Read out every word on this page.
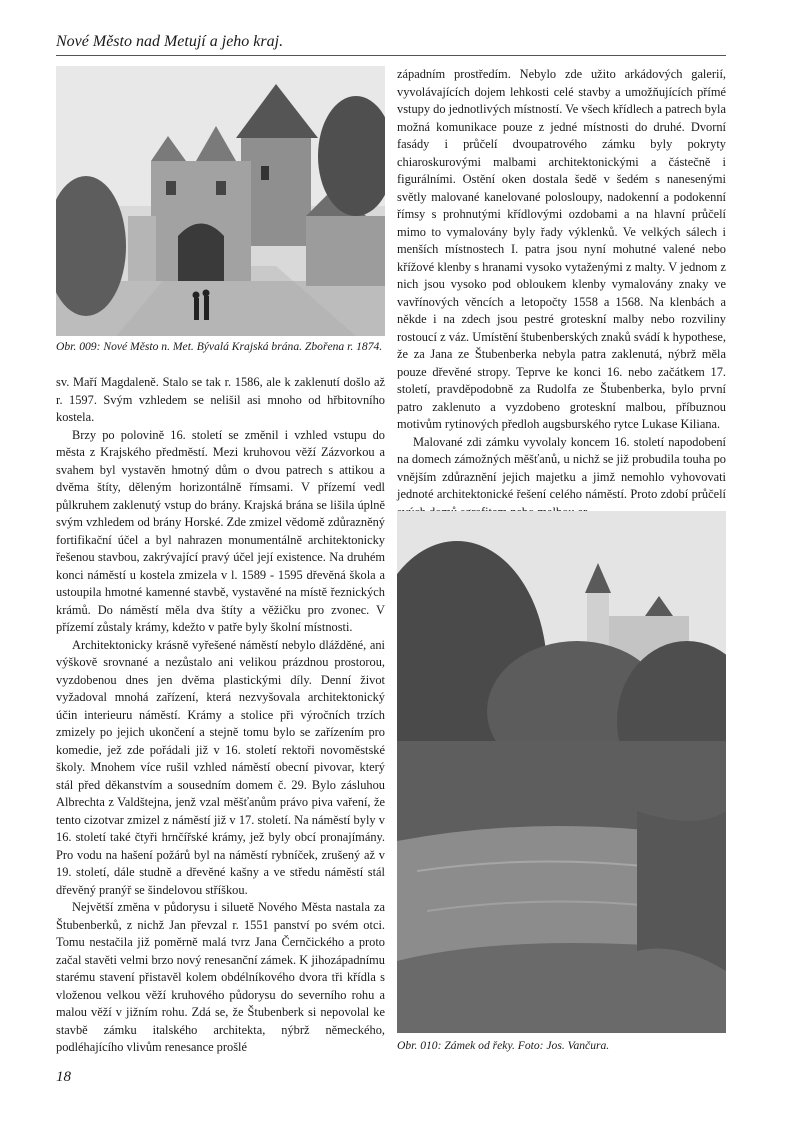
Nové Město nad Metují a jeho kraj.
Obr. 009: Nové Město n. Met. Bývalá Krajská brána. Zbořena r. 1874.

sv. Maří Magdaleně. Stalo se tak r. 1586, ale k zaklenutí došlo až r. 1597. Svým vzhledem se nelišil asi mnoho od hřbitovního kostela.

Brzy po polovině 16. století se změnil i vzhled vstupu do města z Krajského předměstí. Mezi kruhovou věží Zázvorkou a svahem byl vystavěn hmotný dům o dvou patrech s attikou a dvěma štíty, děleným horizontálně římsami. V přízemí vedl půlkruhem zaklenutý vstup do brány. Krajská brána se lišila úplně svým vzhledem od brány Horské. Zde zmizel vědomě zdůrazněný fortifikační účel a byl nahrazen monumentálně architektonicky řešenou stavbou, zakrývající pravý účel její existence. Na druhém konci náměstí u kostela zmizela v l. 1589 - 1595 dřevěná škola a ustoupila hmotné kamenné stavbě, vystavěné na místě řeznických krámů. Do náměstí měla dva štíty a věžičku pro zvonec. V přízemí zůstaly krámy, kdežto v patře byly školní místnosti.

Architektonicky krásně vyřešené náměstí nebylo dlážděné, ani výškově srovnané a nezůstalo ani velikou prázdnou prostorou, vyzdobenou dnes jen dvěma plastickými díly. Denní život vyžadoval mnohá zařízení, která nezvyšovala architektonický účin interieuru náměstí. Krámy a stolice při výročních trzích zmizely po jejich ukončení a stejně tomu bylo se zařízením pro komedie, jež zde pořádali již v 16. století rektoři novoměstské školy. Mnohem více rušil vzhled náměstí obecní pivovar, který stál před děkanstvím a sousedním domem č. 29. Bylo zásluhou Albrechta z Valdštejna, jenž vzal měšťanům právo piva vaření, že tento cizotvar zmizel z náměstí již v 17. století. Na náměstí byly v 16. století také čtyři hrnčířské krámy, jež byly obcí pronajímány. Pro vodu na hašení požárů byl na náměstí rybníček, zrušený až v 19. století, dále studně a dřevěné kašny a ve středu náměstí stál dřevěný pranýř se šindelovou stříškou.

Největší změna v půdorysu i siluetě Nového Města nastala za Štubenberků, z nichž Jan převzal r. 1551 panství po svém otci. Tomu nestačila již poměrně malá tvrz Jana Černčického a proto začal stavěti velmi brzo nový renesanční zámek. K jihozápadnímu starému stavení přistavěl kolem obdélníkového dvora tři křídla s vloženou velkou věží kruhového půdorysu do severního rohu a malou věží v jižním rohu. Zdá se, že Štubenberk si nepovolal ke stavbě zámku italského architekta, nýbrž německého, podléhajícího vlivům renesance prošlé

západním prostředím. Nebylo zde užito arkádových galerií, vyvolávajících dojem lehkosti celé stavby a umožňujících přímé vstupy do jednotlivých místností. Ve všech křídlech a patrech byla možná komunikace pouze z jedné místnosti do druhé. Dvorní fasády i průčelí dvoupatrového zámku byly pokryty chiaroskurovými malbami architektonickými a částečně i figurálními. Ostění oken dostala šedě v šedém s nanesenými světly malované kanelované polosloupy, nadokenní a podokenní římsy s prohnutými křídlovými ozdobami a na hlavní průčelí mimo to vymalovány byly řady výklenků. Ve velkých sálech i menších místnostech I. patra jsou nyní mohutné valené nebo křížové klenby s hranami vysoko vytaženými z malty. V jednom z nich jsou vysoko pod obloukem klenby vymalovány znaky ve vavřínových věncích a letopočty 1558 a 1568. Na klenbách a někde i na zdech jsou pestré groteskní malby nebo rozviliny rostoucí z váz. Umístění štubenberských znaků svádí k hypothese, že za Jana ze Štubenberka nebyla patra zaklenutá, nýbrž měla pouze dřevěné stropy. Teprve ke konci 16. nebo začátkem 17. století, pravděpodobně za Rudolfa ze Štubenberka, bylo první patro zaklenuto a vyzdobeno groteskní malbou, příbuznou motivům rytinových předloh augsburského rytce Lukase Kiliana.

Malované zdi zámku vyvolaly koncem 16. století napodobení na domech zámožných měšťanů, u nichž se již probudila touha po vnějším zdůraznění jejich majetku a jimž nemohlo vyhovovati jednoté architektonické řešení celého náměstí. Proto zdobí průčelí

Obr. 010: Zámek od řeky. Foto: Jos. Vančura.
18
